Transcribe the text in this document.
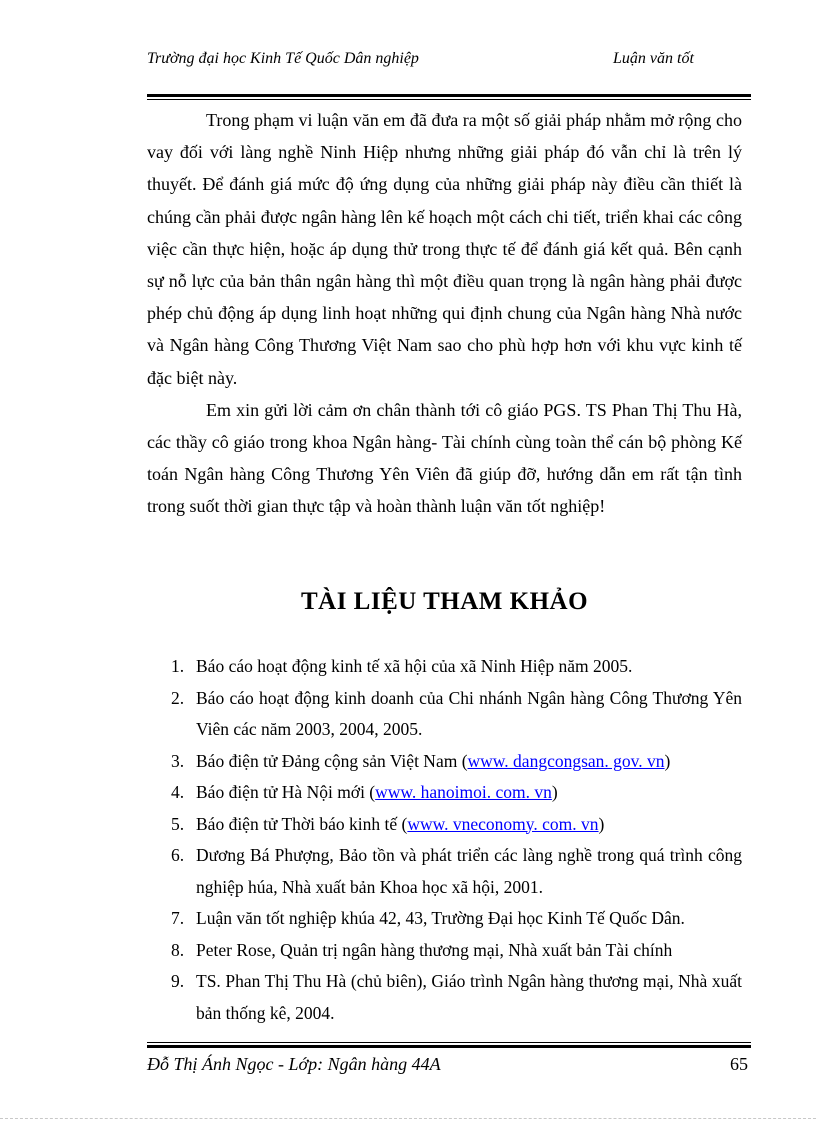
Trường đại học Kinh Tế Quốc Dân nghiệp	Luận văn tốt

Trong phạm vi luận văn em đã đưa ra một số giải pháp nhằm mở rộng cho vay đối với làng nghề Ninh Hiệp nhưng những giải pháp đó vẫn chỉ là trên lý thuyết. Để đánh giá mức độ ứng dụng của những giải pháp này điều cần thiết là chúng cần phải được ngân hàng lên kế hoạch một cách chi tiết, triển khai các công việc cần thực hiện, hoặc áp dụng thử trong thực tế để đánh giá kết quả. Bên cạnh sự nỗ lực của bản thân ngân hàng thì một điều quan trọng là ngân hàng phải được phép chủ động áp dụng linh hoạt những qui định chung của Ngân hàng Nhà nước và Ngân hàng Công Thương Việt Nam sao cho phù hợp hơn với khu vực kinh tế đặc biệt này.

Em xin gửi lời cảm ơn chân thành tới cô giáo PGS. TS Phan Thị Thu Hà, các thầy cô giáo trong khoa Ngân hàng- Tài chính cùng toàn thể cán bộ phòng Kế toán Ngân hàng Công Thương Yên Viên đã giúp đỡ, hướng dẫn em rất tận tình trong suốt thời gian thực tập và hoàn thành luận văn tốt nghiệp!

TÀI LIỆU THAM KHẢO
1. Báo cáo hoạt động kinh tế xã hội của xã Ninh Hiệp năm 2005.
2. Báo cáo hoạt động kinh doanh của Chi nhánh Ngân hàng Công Thương Yên Viên các năm 2003, 2004, 2005.
3. Báo điện tử Đảng cộng sản Việt Nam (www. dangcongsan. gov. vn)
4. Báo điện tử Hà Nội mới (www. hanoimoi. com. vn)
5. Báo điện tử Thời báo kinh tế (www. vneconomy. com. vn)
6. Dương Bá Phượng, Bảo tồn và phát triển các làng nghề trong quá trình công nghiệp húa, Nhà xuất bản Khoa học xã hội, 2001.
7. Luận văn tốt nghiệp khúa 42, 43, Trường Đại học Kinh Tế Quốc Dân.
8. Peter Rose, Quản trị ngân hàng thương mại, Nhà xuất bản Tài chính
9. TS. Phan Thị Thu Hà (chủ biên), Giáo trình Ngân hàng thương mại, Nhà xuất bản thống kê, 2004.
Đỗ Thị Ánh Ngọc - Lớp: Ngân hàng 44A	65
